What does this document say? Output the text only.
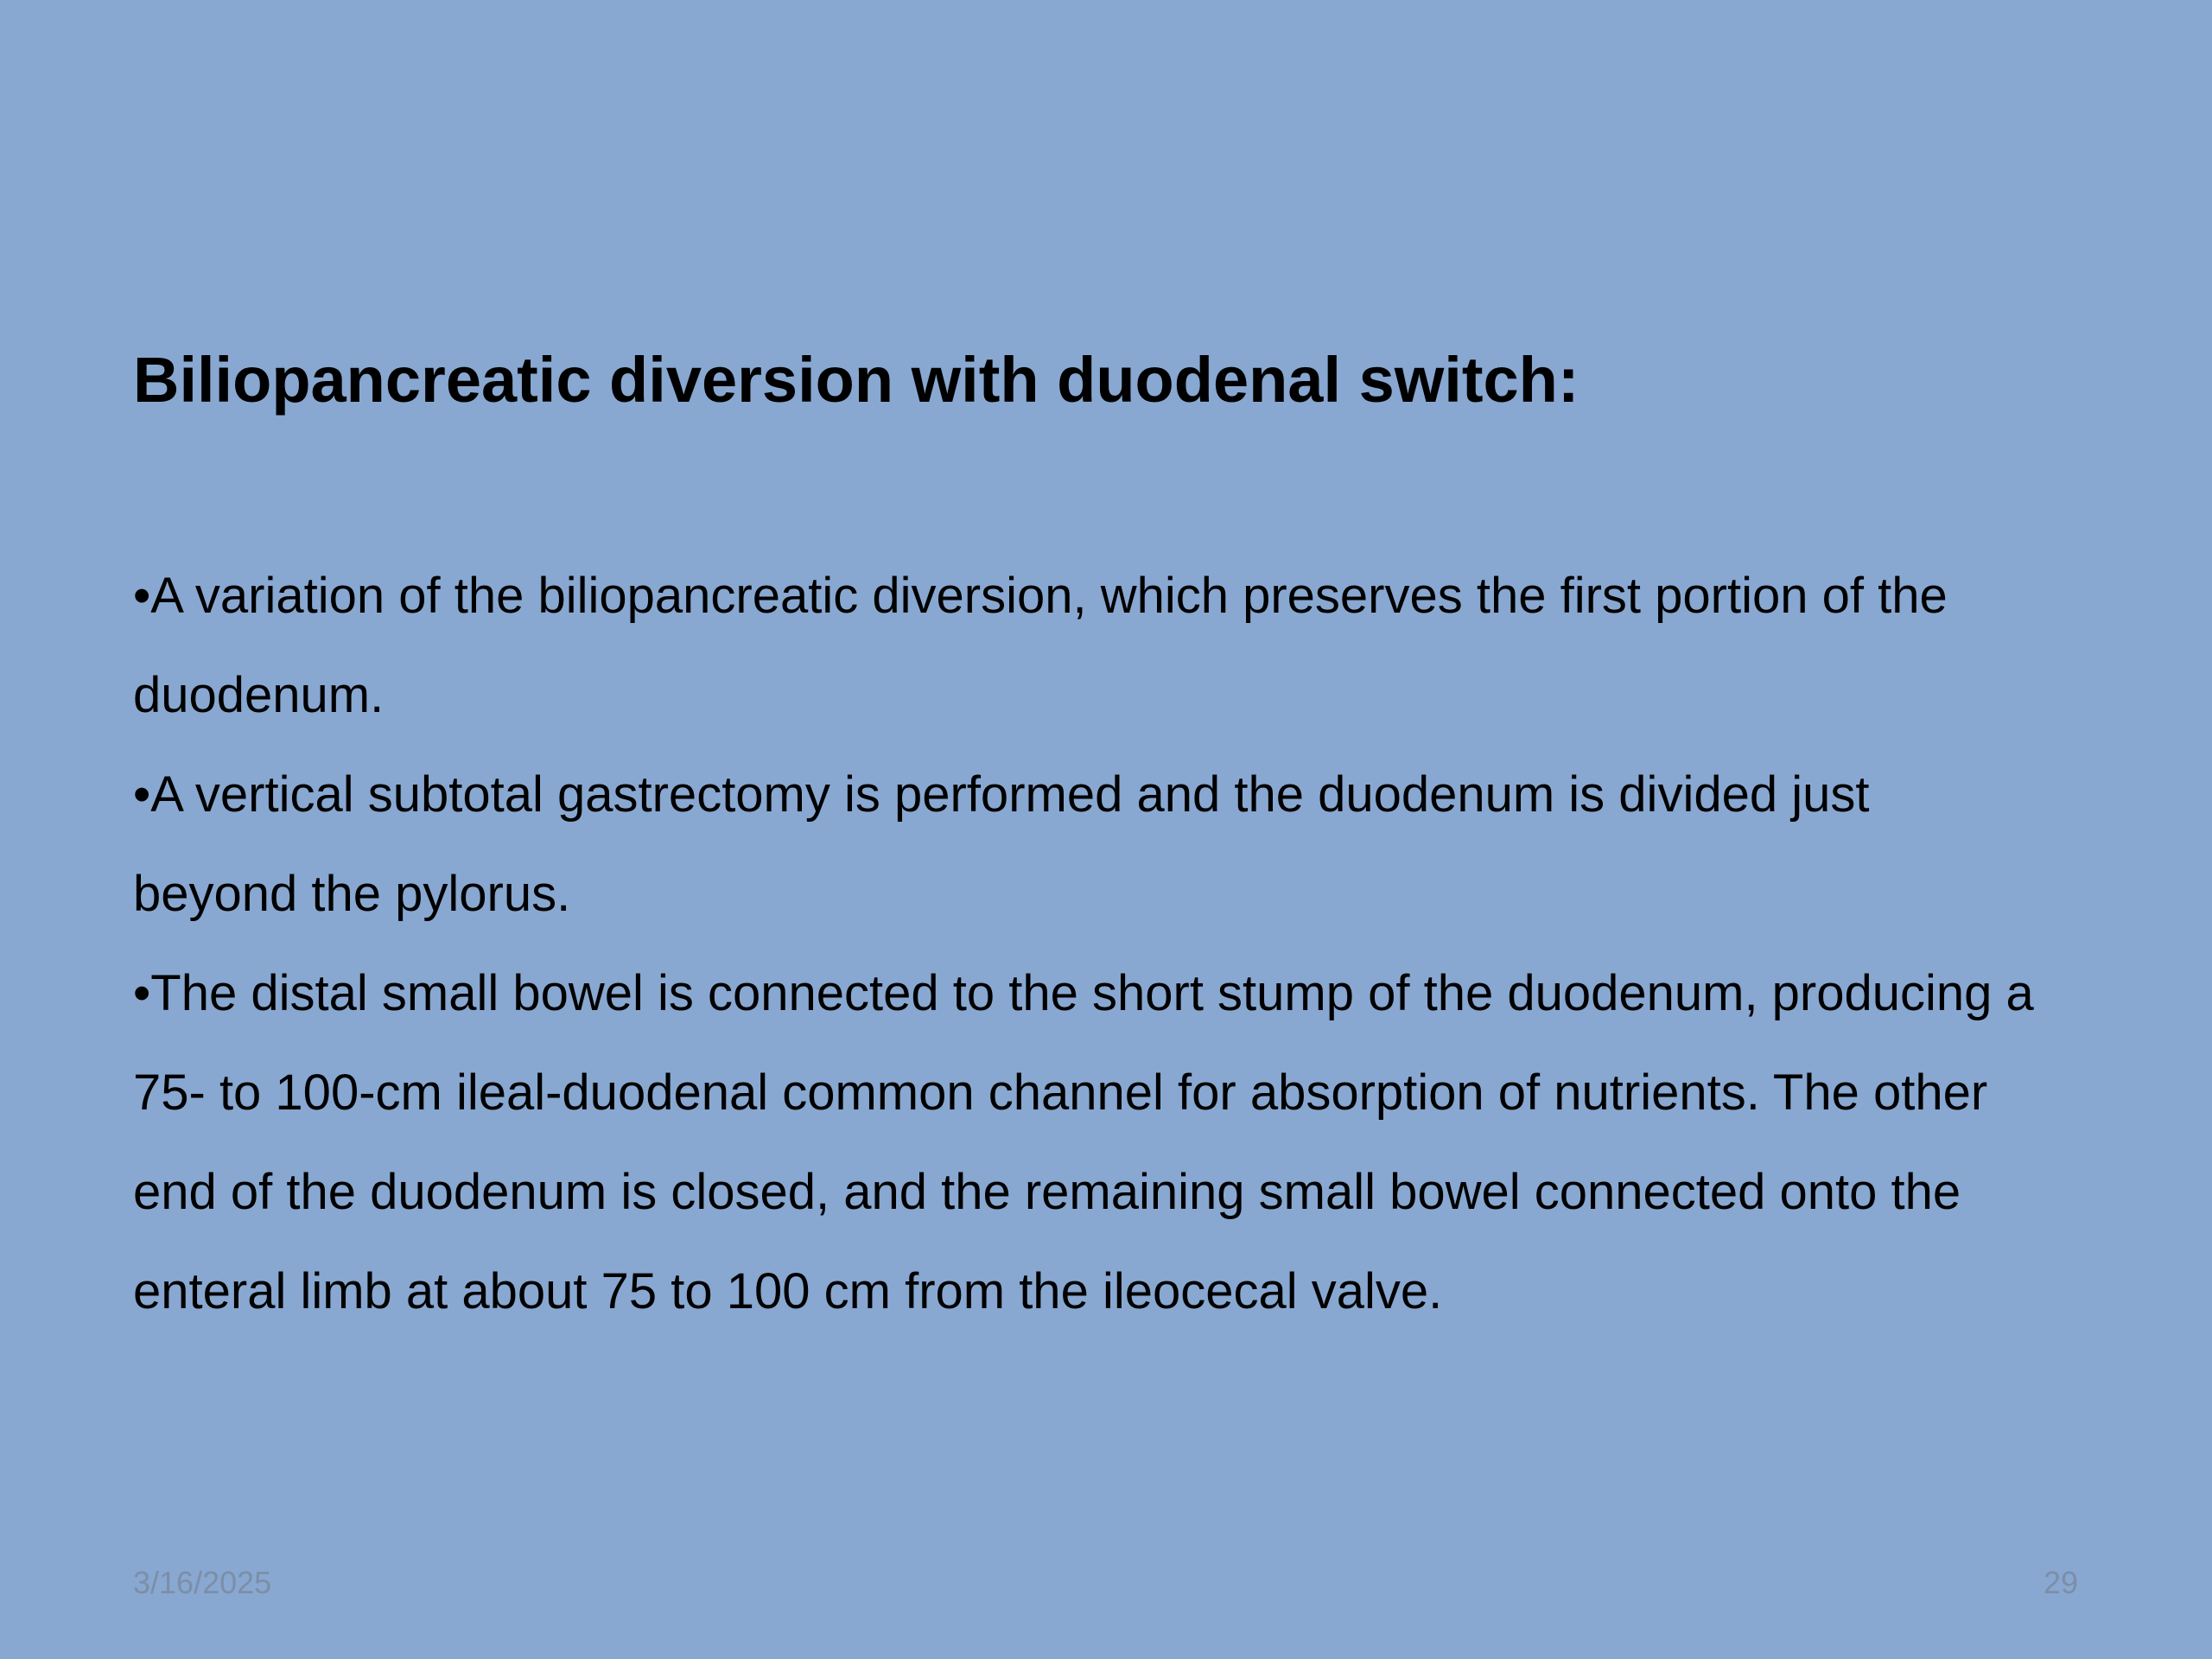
Biliopancreatic diversion with duodenal switch:

•A variation of the biliopancreatic diversion, which preserves the first portion of the duodenum.

•A vertical subtotal gastrectomy is performed and the duodenum is divided just beyond the pylorus.

•The distal small bowel is connected to the short stump of the duodenum, producing a 75- to 100-cm ileal-duodenal common channel for absorption of nutrients. The other end of the duodenum is closed, and the remaining small bowel connected onto the enteral limb at about 75 to 100 cm from the ileocecal valve.

3/16/2025	29
